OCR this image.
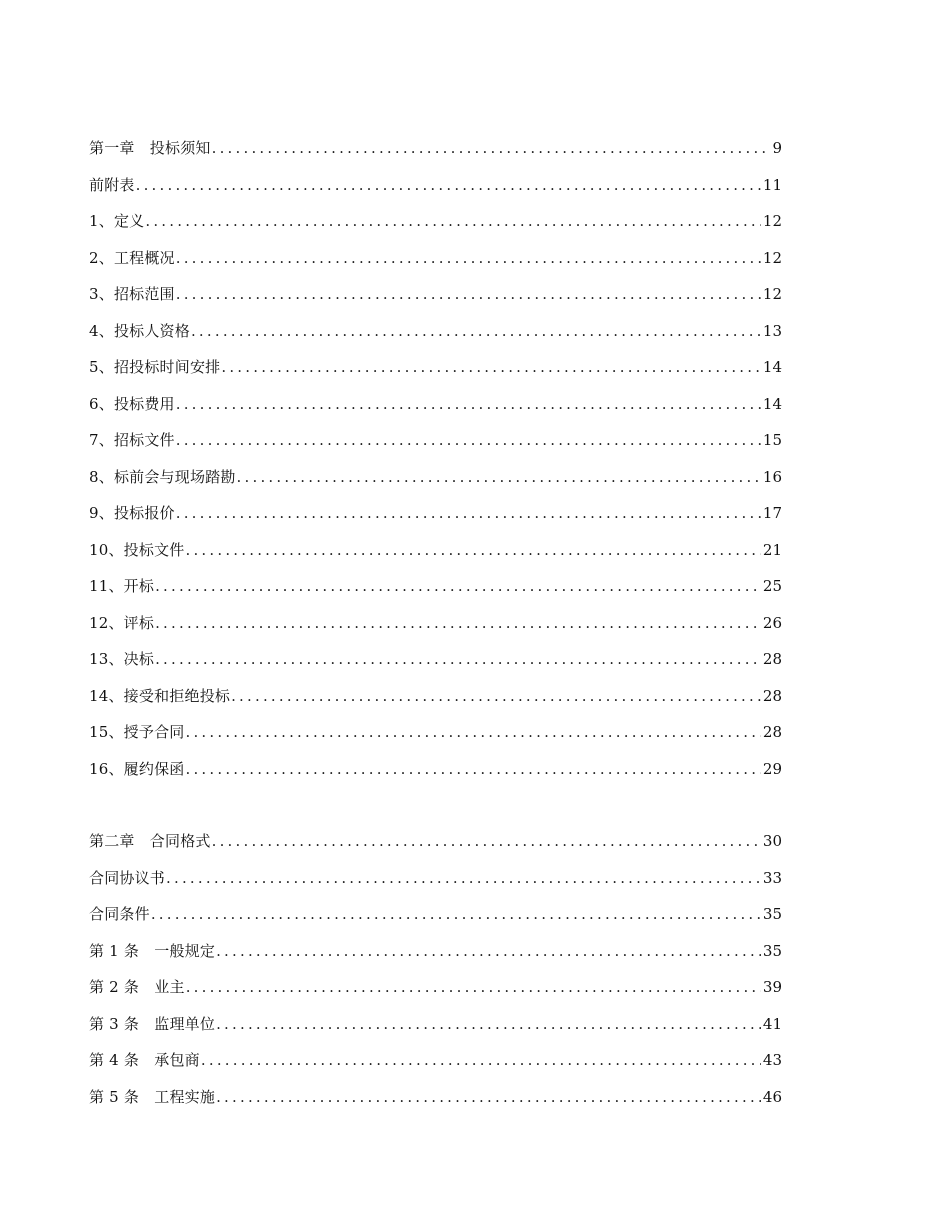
第一章　投标须知 .....	9
前附表 .....	11
1、定义 .....	12
2、工程概况 .....	12
3、招标范围 .....	12
4、投标人资格 .....	13
5、招投标时间安排 .....	14
6、投标费用 .....	14
7、招标文件 .....	15
8、标前会与现场踏勘 .....	16
9、投标报价 .....	17
10、投标文件 .....	21
11、开标 .....	25
12、评标 .....	26
13、决标 .....	28
14、接受和拒绝投标 .....	28
15、授予合同 .....	28
16、履约保函 .....	29
第二章　合同格式 .....	30
合同协议书 .....	33
合同条件 .....	35
第 1 条　一般规定 .....	35
第 2 条　业主 .....	39
第 3 条　监理单位 .....	41
第 4 条　承包商 .....	43
第 5 条　工程实施 .....	46
